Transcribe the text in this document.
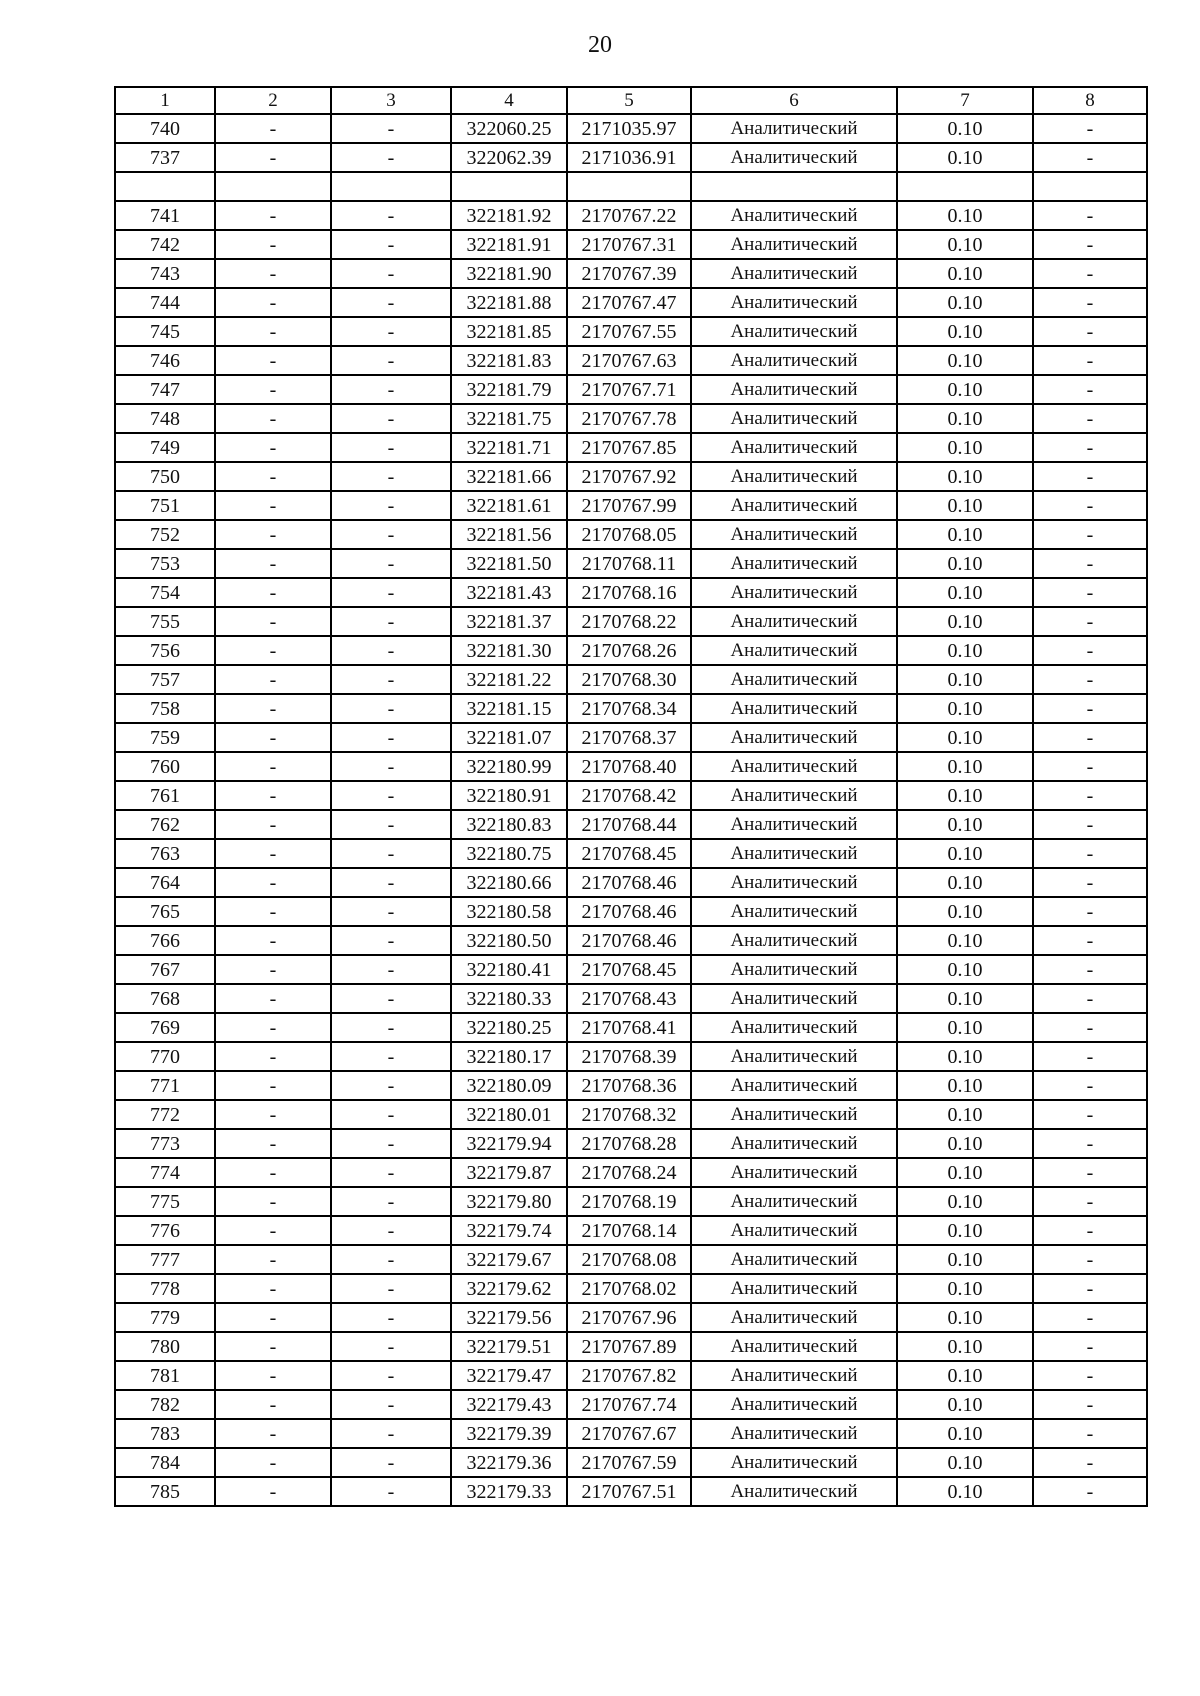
20
1	2	3	4	5	6	7	8
740	-	-	322060.25	2171035.97	Аналитический	0.10	-
737	-	-	322062.39	2171036.91	Аналитический	0.10	-

741	-	-	322181.92	2170767.22	Аналитический	0.10	-
742	-	-	322181.91	2170767.31	Аналитический	0.10	-
743	-	-	322181.90	2170767.39	Аналитический	0.10	-
744	-	-	322181.88	2170767.47	Аналитический	0.10	-
745	-	-	322181.85	2170767.55	Аналитический	0.10	-
746	-	-	322181.83	2170767.63	Аналитический	0.10	-
747	-	-	322181.79	2170767.71	Аналитический	0.10	-
748	-	-	322181.75	2170767.78	Аналитический	0.10	-
749	-	-	322181.71	2170767.85	Аналитический	0.10	-
750	-	-	322181.66	2170767.92	Аналитический	0.10	-
751	-	-	322181.61	2170767.99	Аналитический	0.10	-
752	-	-	322181.56	2170768.05	Аналитический	0.10	-
753	-	-	322181.50	2170768.11	Аналитический	0.10	-
754	-	-	322181.43	2170768.16	Аналитический	0.10	-
755	-	-	322181.37	2170768.22	Аналитический	0.10	-
756	-	-	322181.30	2170768.26	Аналитический	0.10	-
757	-	-	322181.22	2170768.30	Аналитический	0.10	-
758	-	-	322181.15	2170768.34	Аналитический	0.10	-
759	-	-	322181.07	2170768.37	Аналитический	0.10	-
760	-	-	322180.99	2170768.40	Аналитический	0.10	-
761	-	-	322180.91	2170768.42	Аналитический	0.10	-
762	-	-	322180.83	2170768.44	Аналитический	0.10	-
763	-	-	322180.75	2170768.45	Аналитический	0.10	-
764	-	-	322180.66	2170768.46	Аналитический	0.10	-
765	-	-	322180.58	2170768.46	Аналитический	0.10	-
766	-	-	322180.50	2170768.46	Аналитический	0.10	-
767	-	-	322180.41	2170768.45	Аналитический	0.10	-
768	-	-	322180.33	2170768.43	Аналитический	0.10	-
769	-	-	322180.25	2170768.41	Аналитический	0.10	-
770	-	-	322180.17	2170768.39	Аналитический	0.10	-
771	-	-	322180.09	2170768.36	Аналитический	0.10	-
772	-	-	322180.01	2170768.32	Аналитический	0.10	-
773	-	-	322179.94	2170768.28	Аналитический	0.10	-
774	-	-	322179.87	2170768.24	Аналитический	0.10	-
775	-	-	322179.80	2170768.19	Аналитический	0.10	-
776	-	-	322179.74	2170768.14	Аналитический	0.10	-
777	-	-	322179.67	2170768.08	Аналитический	0.10	-
778	-	-	322179.62	2170768.02	Аналитический	0.10	-
779	-	-	322179.56	2170767.96	Аналитический	0.10	-
780	-	-	322179.51	2170767.89	Аналитический	0.10	-
781	-	-	322179.47	2170767.82	Аналитический	0.10	-
782	-	-	322179.43	2170767.74	Аналитический	0.10	-
783	-	-	322179.39	2170767.67	Аналитический	0.10	-
784	-	-	322179.36	2170767.59	Аналитический	0.10	-
785	-	-	322179.33	2170767.51	Аналитический	0.10	-
